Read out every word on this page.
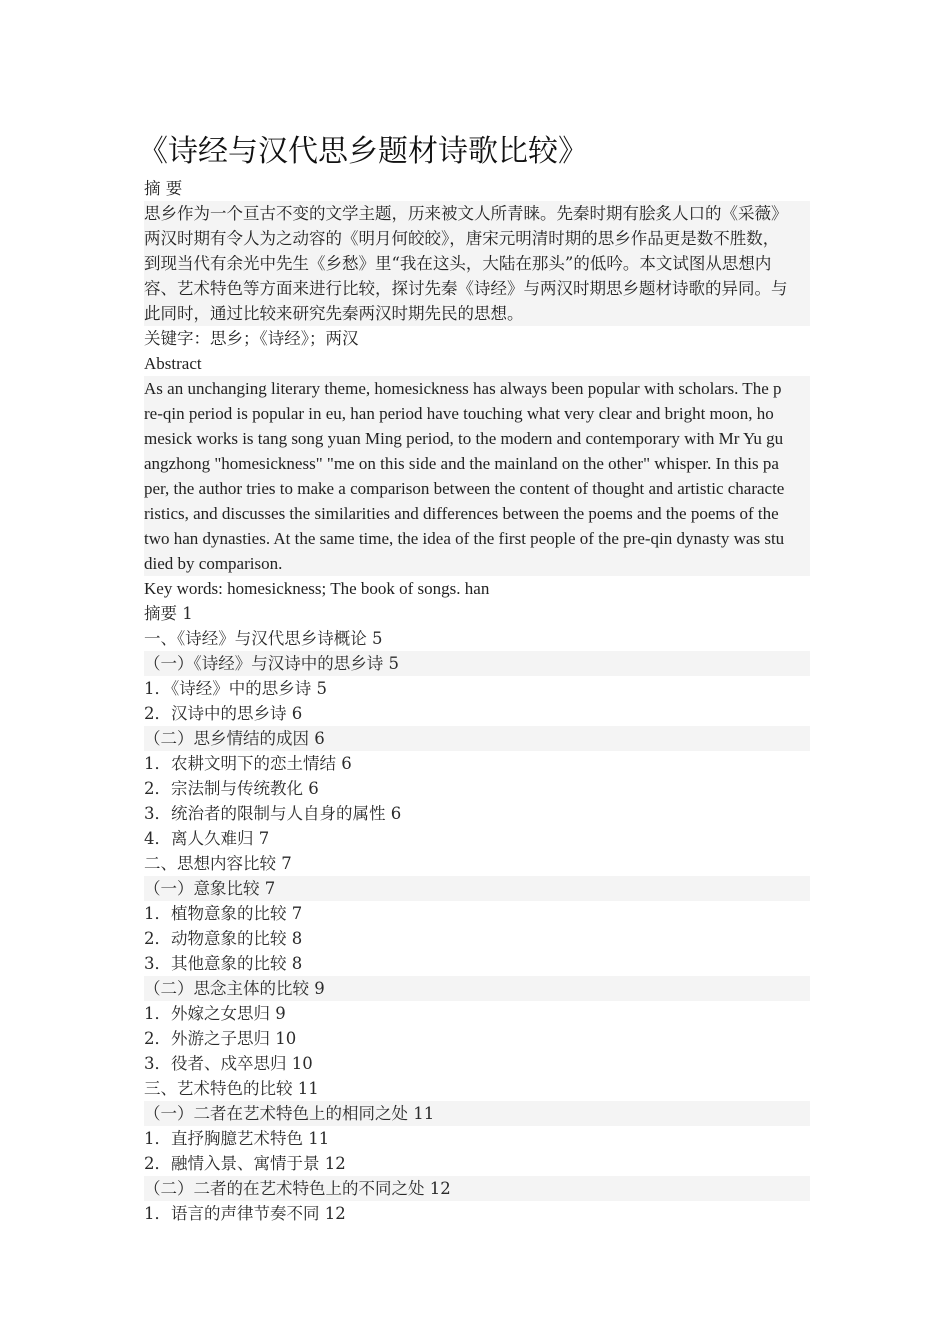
《诗经与汉代思乡题材诗歌比较》
摘 要
思乡作为一个亘古不变的文学主题，历来被文人所青睐。先秦时期有脍炙人口的《采薇》
两汉时期有令人为之动容的《明月何皎皎》，唐宋元明清时期的思乡作品更是数不胜数，
到现当代有余光中先生《乡愁》里“我在这头，大陆在那头”的低吟。本文试图从思想内
容、艺术特色等方面来进行比较，探讨先秦《诗经》与两汉时期思乡题材诗歌的异同。与
此同时，通过比较来研究先秦两汉时期先民的思想。
关键字：思乡；《诗经》；两汉
Abstract
As an unchanging literary theme, homesickness has always been popular with scholars. The p
re-qin period is popular in eu, han period have touching what very clear and bright moon, ho
mesick works is tang song yuan Ming period, to the modern and contemporary with Mr Yu gu
angzhong "homesickness" "me on this side and the mainland on the other" whisper. In this pa
per, the author tries to make a comparison between the content of thought and artistic characte
ristics, and discusses the similarities and differences between the poems and the poems of the
two han dynasties. At the same time, the idea of the first people of the pre-qin dynasty was stu
died by comparison.
Key words: homesickness; The book of songs. han
摘要 1
一、《诗经》与汉代思乡诗概论 5
（一）《诗经》与汉诗中的思乡诗 5
1．《诗经》中的思乡诗 5
2．汉诗中的思乡诗 6
（二）思乡情结的成因 6
1．农耕文明下的恋土情结 6
2．宗法制与传统教化 6
3．统治者的限制与人自身的属性 6
4．离人久难归 7
二、思想内容比较 7
（一）意象比较 7
1．植物意象的比较 7
2．动物意象的比较 8
3．其他意象的比较 8
（二）思念主体的比较 9
1．外嫁之女思归 9
2．外游之子思归 10
3．役者、戍卒思归 10
三、艺术特色的比较 11
（一）二者在艺术特色上的相同之处 11
1．直抒胸臆艺术特色 11
2．融情入景、寓情于景 12
（二）二者的在艺术特色上的不同之处 12
1．语言的声律节奏不同 12
